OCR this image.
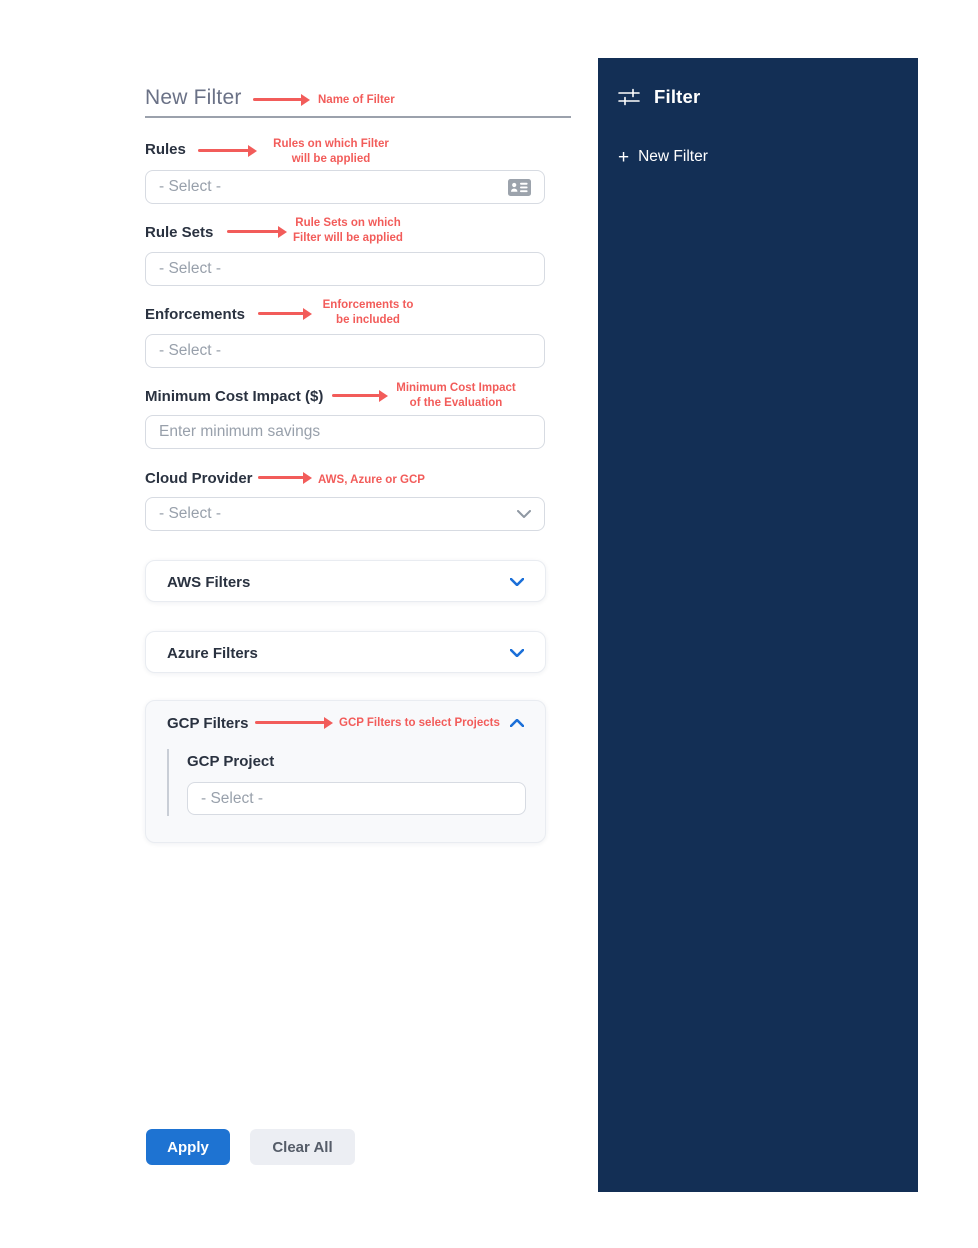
New Filter	Name of Filter
Rules	Rules on which Filter
will be applied
- Select -
Rule Sets
Rule Sets on which
Filter will be applied
- Select -
Enforcements
Enforcements to
be included
- Select -
Minimum Cost Impact ($)	Minimum Cost Impact
of the Evaluation
Enter minimum savings
Cloud Provider	AWS, Azure or GCP
- Select -
AWS Filters
Azure Filters
GCP Filters	GCP Filters to select Projects
GCP Project
- Select -
Apply	Clear All
Filter
+ New Filter
